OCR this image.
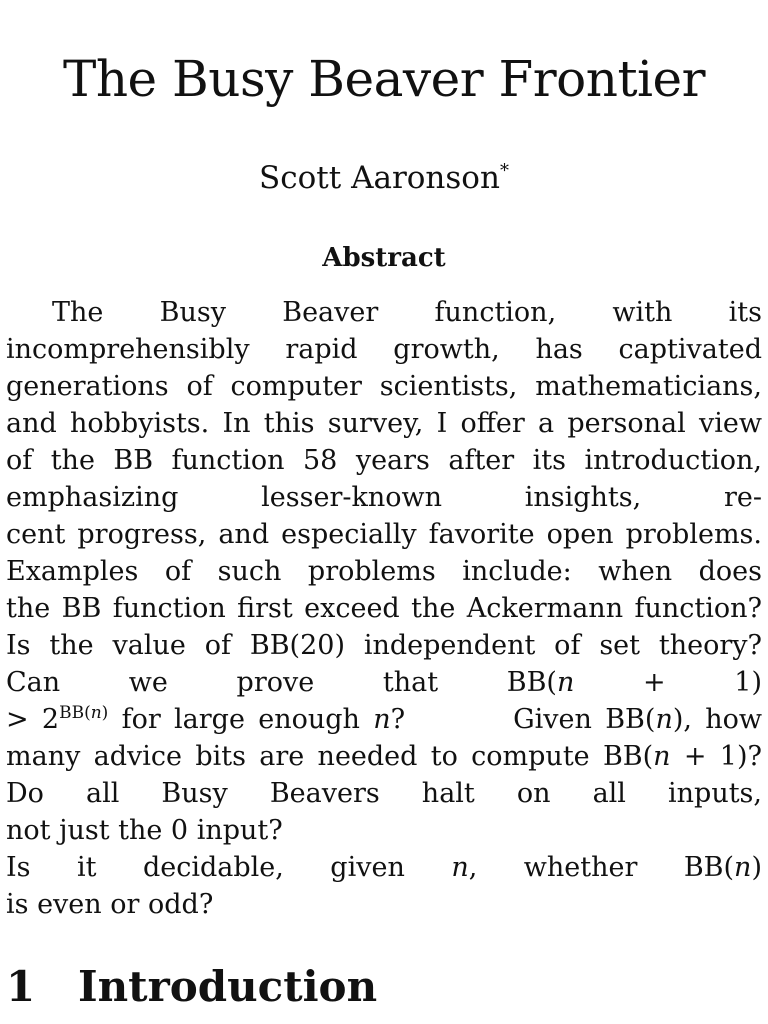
The Busy Beaver Frontier

Scott Aaronson*

Abstract
The Busy Beaver function, with its
incomprehensibly rapid growth, has captivated
generations of computer scientists, mathematicians,
and hobbyists. In this survey, I offer a personal view
of the BB function 58 years after its introduction,
emphasizing lesser-known insights, re-
cent progress, and especially favorite open problems.
Examples of such problems include: when does
the BB function first exceed the Ackermann function?
Is the value of BB(20) independent of set theory?
Can we prove that BB(n + 1)
> $2^{BB(n)}$ for large enough n?    Given BB(n), how
many advice bits are needed to compute BB(n + 1)?
Do all Busy Beavers halt on all inputs,
not just the 0 input?
Is it decidable, given n, whether BB(n)
is even or odd?
1 Introduction
